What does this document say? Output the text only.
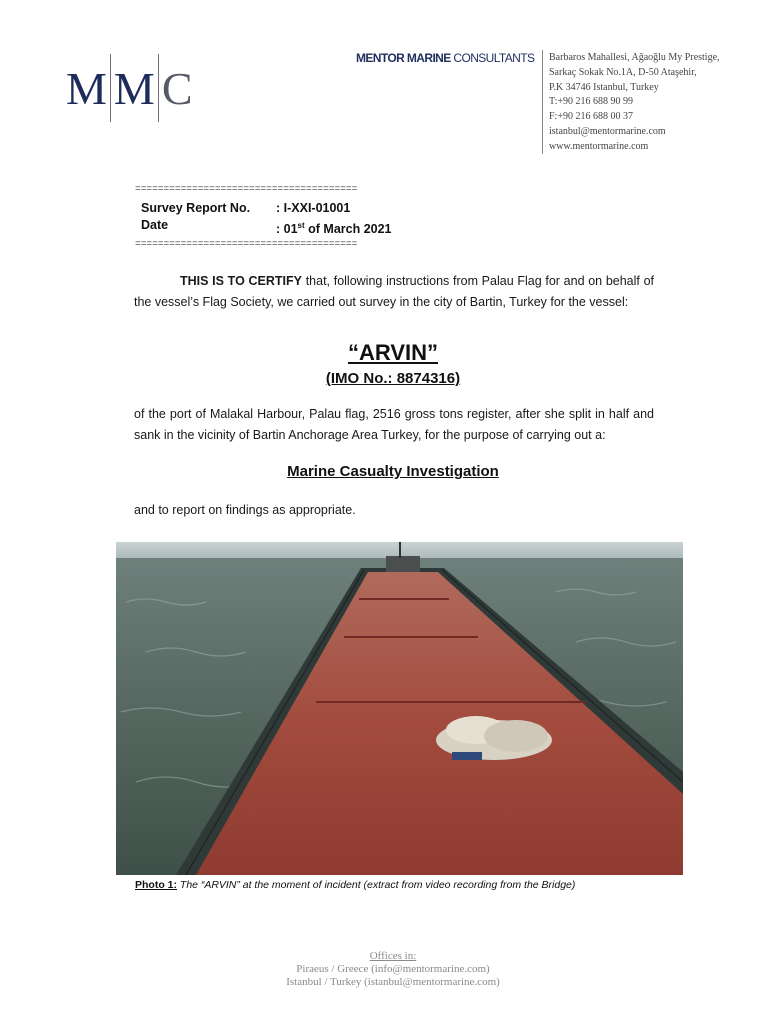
M M C
MENTOR MARINE CONSULTANTS Barbaros Mahallesi, Ağaoğlu My Prestige,
Sarkaç Sokak No.1A, D-50 Ataşehir,
P.K 34746 Istanbul, Turkey
T:+90 216 688 90 99
F:+90 216 688 00 37
istanbul@mentormarine.com
www.mentormarine.com
=======================================
Survey Report No.	: I-XXI-01001
Date	: 01st of March 2021
=======================================
THIS IS TO CERTIFY that, following instructions from Palau Flag for and on behalf of the vessel’s Flag Society, we carried out survey in the city of Bartin, Turkey for the vessel:
“ARVIN”
(IMO No.: 8874316)
of the port of Malakal Harbour, Palau flag, 2516 gross tons register, after she split in half and sank in the vicinity of Bartin Anchorage Area Turkey, for the purpose of carrying out a:
Marine Casualty Investigation
and to report on findings as appropriate.
Photo 1: The “ARVIN” at the moment of incident (extract from video recording from the Bridge)
Offices in:
Piraeus / Greece (info@mentormarine.com)
Istanbul / Turkey (istanbul@mentormarine.com)
